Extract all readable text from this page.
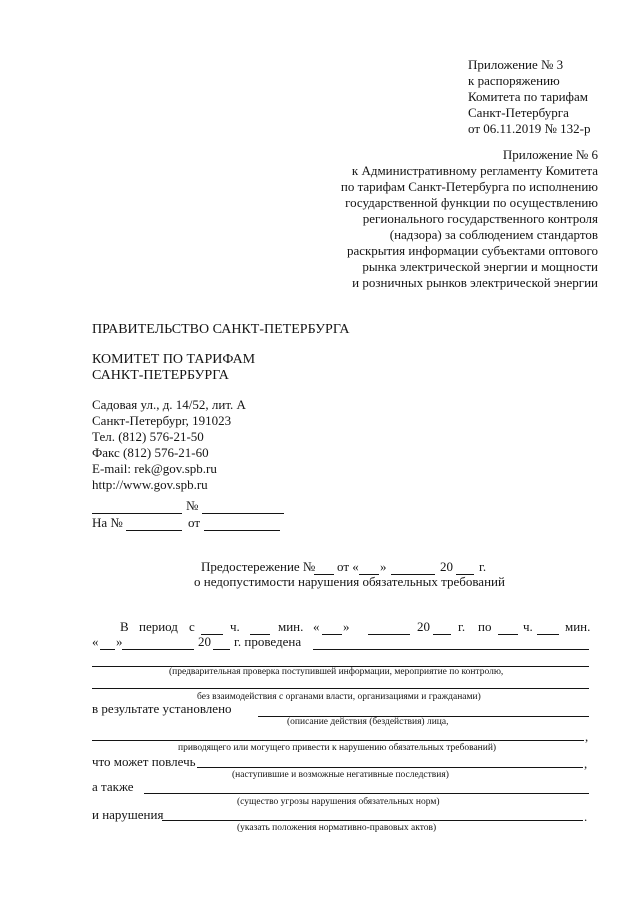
Приложение № 3
к распоряжению
Комитета по тарифам
Санкт-Петербурга
от 06.11.2019 № 132-р
Приложение № 6
к Административному регламенту Комитета
по тарифам Санкт-Петербурга по исполнению
государственной функции по осуществлению
регионального государственного контроля
(надзора) за соблюдением стандартов
раскрытия информации субъектами оптового
рынка электрической энергии и мощности
и розничных рынков электрической энергии
ПРАВИТЕЛЬСТВО САНКТ-ПЕТЕРБУРГА
КОМИТЕТ ПО ТАРИФАМ
САНКТ-ПЕТЕРБУРГА
Садовая ул., д. 14/52, лит. А
Санкт-Петербург, 191023
Тел. (812) 576-21-50
Факс (812) 576-21-60
E-mail: rek@gov.spb.ru
http://www.gov.spb.ru
№
На №	от
Предостережение № от « »	20 г.
о недопустимости нарушения обязательных требований
В период с	ч.	мин. « »	20 г. по ч. мин.
« »	20 г. проведена
(предварительная проверка поступившей информации, мероприятие по контролю,
без взаимодействия с органами власти, организациями и гражданами)
в результате установлено
(описание действия (бездействия) лица,
,
приводящего или могущего привести к нарушению обязательных требований)
что может повлечь	,
(наступившие и возможные негативные последствия)
а также
(существо угрозы нарушения обязательных норм)
и нарушения	.
(указать положения нормативно-правовых актов)
